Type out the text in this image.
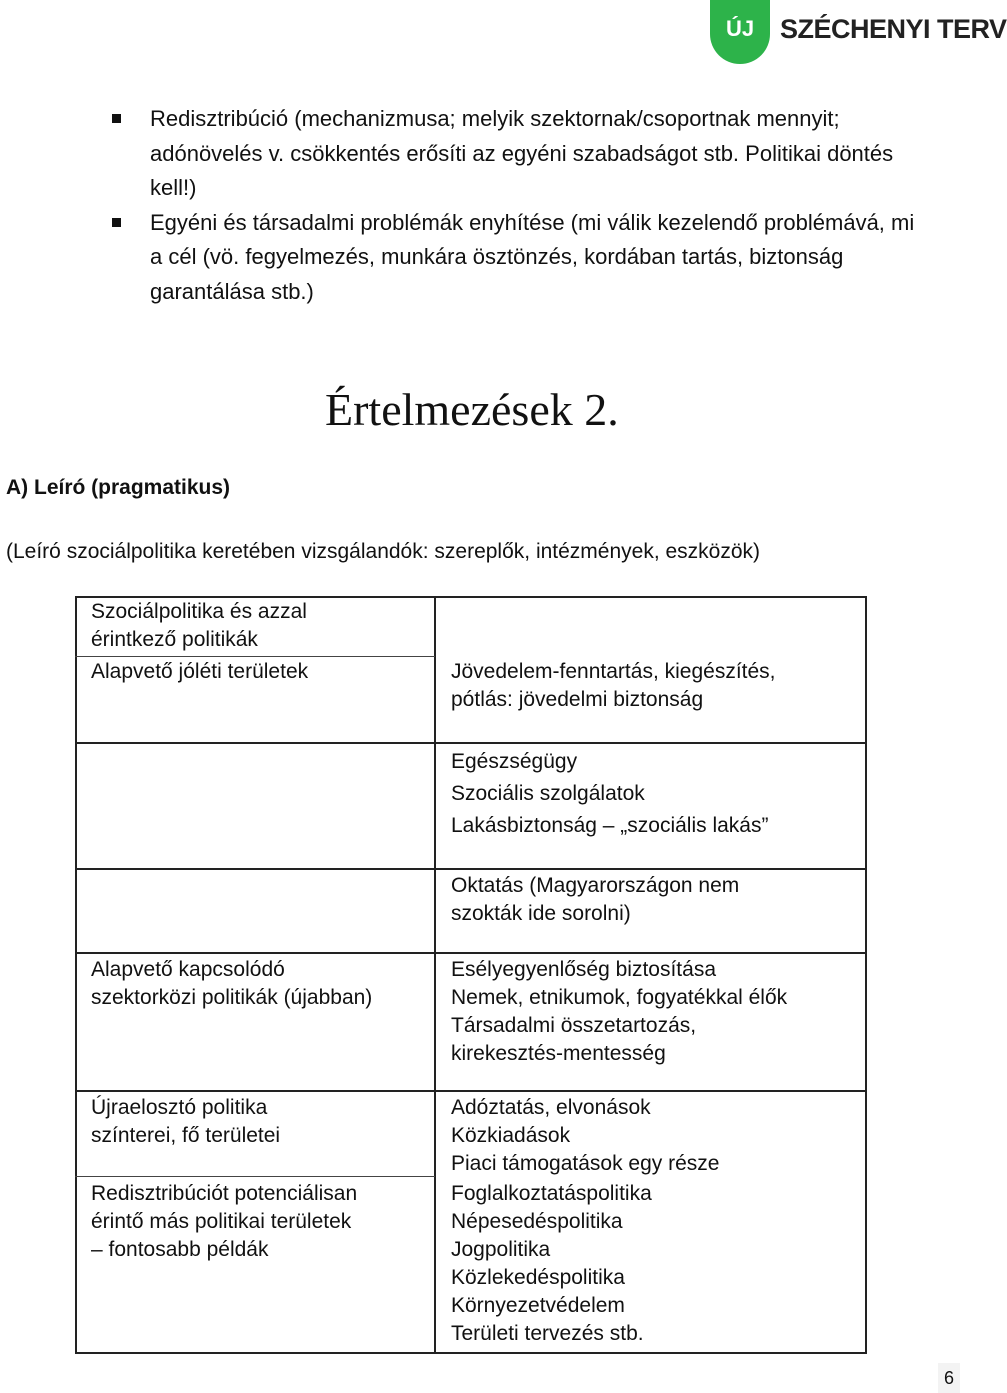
ÚJ SZÉCHENYI TERV
Redisztribúció (mechanizmusa; melyik szektornak/csoportnak mennyit; adónövelés v. csökkentés erősíti az egyéni szabadságot stb. Politikai döntés kell!)
Egyéni és társadalmi problémák enyhítése (mi válik kezelendő problémává, mi a cél (vö. fegyelmezés, munkára ösztönzés, kordában tartás, biztonság garantálása stb.)
Értelmezések 2.
A) Leíró (pragmatikus)
(Leíró szociálpolitika keretében vizsgálandók: szereplők, intézmények, eszközök)
Szociálpolitika és azzal
érintkező politikák
Alapvető jóléti területek
Alapvető kapcsolódó
szektorközi politikák (újabban)
Újraelosztó politika
színterei, fő területei
Redisztribúciót potenciálisan
érintő más politikai területek
– fontosabb példák
Jövedelem-fenntartás, kiegészítés,
pótlás: jövedelmi biztonság
Egészségügy
Szociális szolgálatok
Lakásbiztonság – „szociális lakás”
Oktatás (Magyarországon nem
szokták ide sorolni)
Esélyegyenlőség biztosítása
Nemek, etnikumok, fogyatékkal élők
Társadalmi összetartozás,
kirekesztés-mentesség
Adóztatás, elvonások
Közkiadások
Piaci támogatások egy része
Foglalkoztatáspolitika
Népesedéspolitika
Jogpolitika
Közlekedéspolitika
Környezetvédelem
Területi tervezés stb.
6
